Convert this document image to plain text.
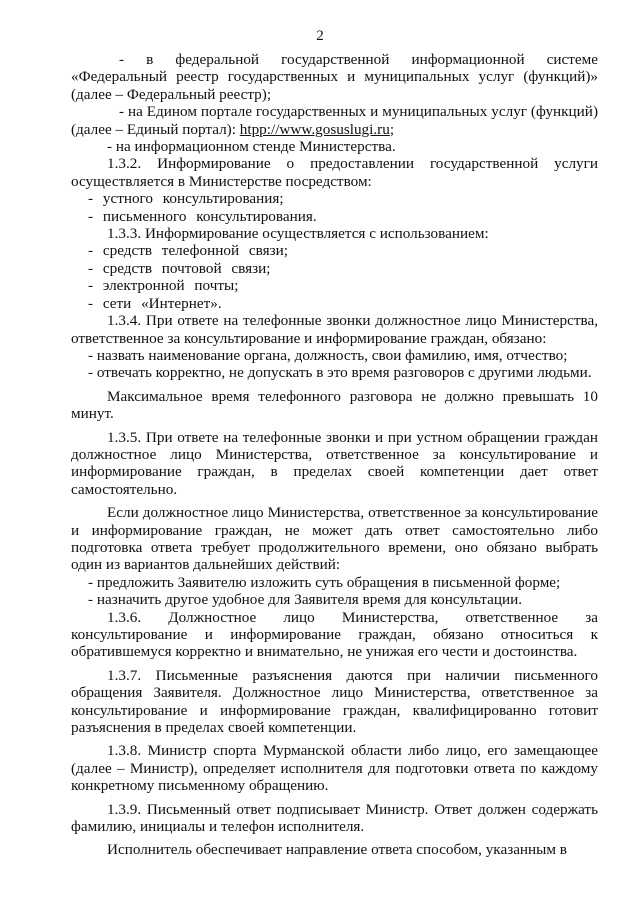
2

- в федеральной государственной информационной системе «Федеральный реестр государственных и муниципальных услуг (функций)» (далее – Федеральный реестр);

- на Едином портале государственных и муниципальных услуг (функций) (далее – Единый портал): htpp://www.gosuslugi.ru;

- на информационном стенде Министерства.

1.3.2. Информирование о предоставлении государственной услуги осуществляется в Министерстве посредством:

- устного консультирования;

- письменного консультирования.

1.3.3. Информирование осуществляется с использованием:

- средств телефонной связи;

- средств почтовой связи;

- электронной почты;

- сети «Интернет».

1.3.4. При ответе на телефонные звонки должностное лицо Министерства, ответственное за консультирование и информирование граждан, обязано:

- назвать наименование органа, должность, свои фамилию, имя, отчество;

- отвечать корректно, не допускать в это время разговоров с другими людьми.

Максимальное время телефонного разговора не должно превышать 10 минут.

1.3.5. При ответе на телефонные звонки и при устном обращении граждан должностное лицо Министерства, ответственное за консультирование и информирование граждан, в пределах своей компетенции дает ответ самостоятельно.

Если должностное лицо Министерства, ответственное за консультирование и информирование граждан, не может дать ответ самостоятельно либо подготовка ответа требует продолжительного времени, оно обязано выбрать один из вариантов дальнейших действий:

- предложить Заявителю изложить суть обращения в письменной форме;

- назначить другое удобное для Заявителя время для консультации.

1.3.6. Должностное лицо Министерства, ответственное за консультирование и информирование граждан, обязано относиться к обратившемуся корректно и внимательно, не унижая его чести и достоинства.

1.3.7. Письменные разъяснения даются при наличии письменного обращения Заявителя. Должностное лицо Министерства, ответственное за консультирование и информирование граждан, квалифицированно готовит разъяснения в пределах своей компетенции.

1.3.8. Министр спорта Мурманской области либо лицо, его замещающее (далее – Министр), определяет исполнителя для подготовки ответа по каждому конкретному письменному обращению.

1.3.9. Письменный ответ подписывает Министр. Ответ должен содержать фамилию, инициалы и телефон исполнителя.

Исполнитель обеспечивает направление ответа способом, указанным в
